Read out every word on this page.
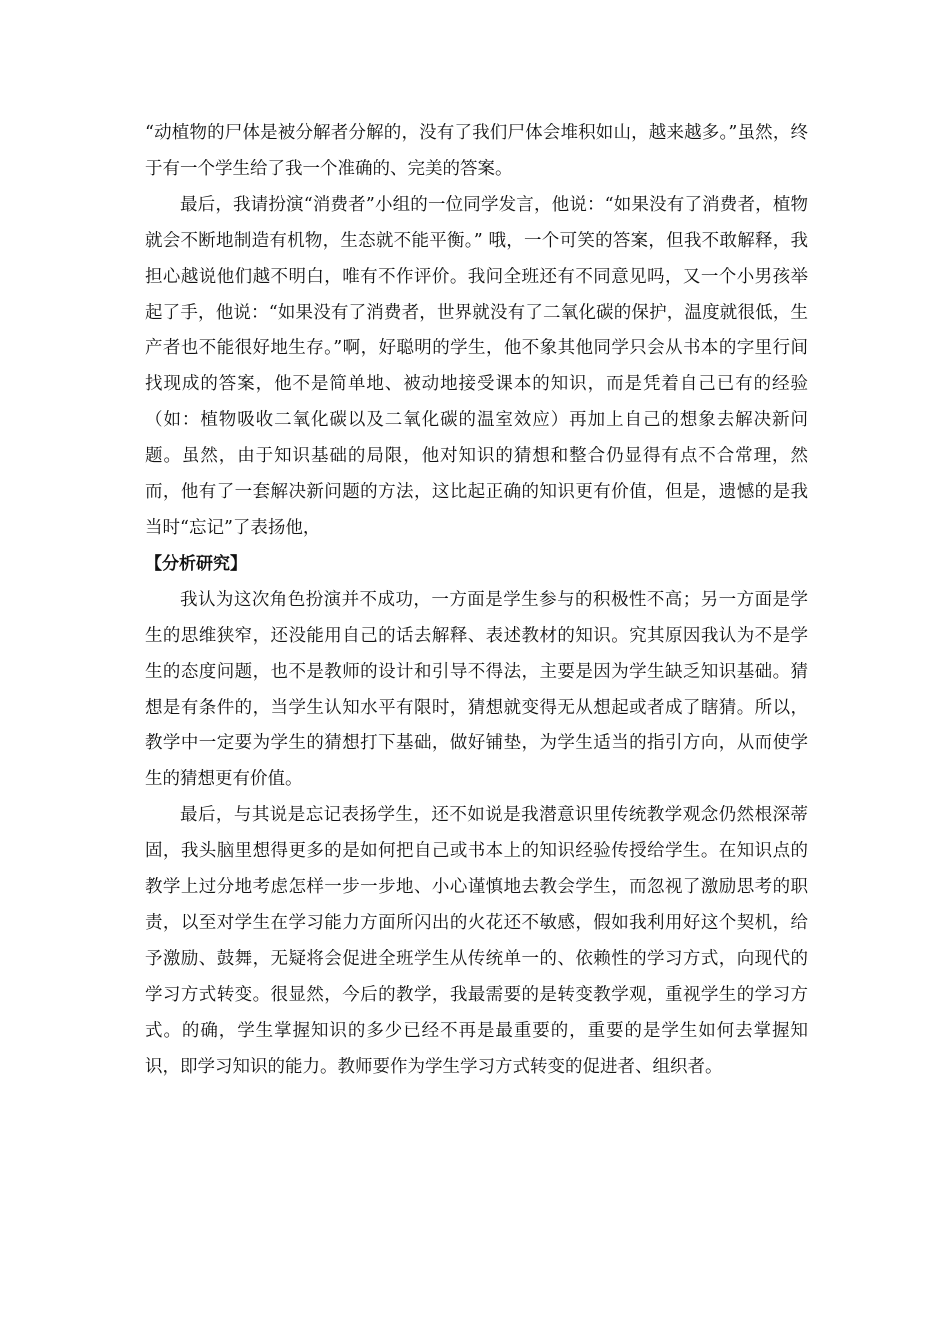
“动植物的尸体是被分解者分解的，没有了我们尸体会堆积如山，越来越多。”虽然，终于有一个学生给了我一个准确的、完美的答案。

最后，我请扮演“消费者”小组的一位同学发言，他说：“如果没有了消费者，植物就会不断地制造有机物，生态就不能平衡。” 哦，一个可笑的答案，但我不敢解释，我担心越说他们越不明白，唯有不作评价。我问全班还有不同意见吗，又一个小男孩举起了手，他说：“如果没有了消费者，世界就没有了二氧化碳的保护，温度就很低，生产者也不能很好地生存。”啊，好聪明的学生，他不象其他同学只会从书本的字里行间找现成的答案，他不是简单地、被动地接受课本的知识，而是凭着自己已有的经验（如：植物吸收二氧化碳以及二氧化碳的温室效应）再加上自己的想象去解决新问题。虽然，由于知识基础的局限，他对知识的猜想和整合仍显得有点不合常理，然而，他有了一套解决新问题的方法，这比起正确的知识更有价值，但是，遗憾的是我当时“忘记”了表扬他，

【分析研究】

我认为这次角色扮演并不成功，一方面是学生参与的积极性不高；另一方面是学生的思维狭窄，还没能用自己的话去解释、表述教材的知识。究其原因我认为不是学生的态度问题，也不是教师的设计和引导不得法，主要是因为学生缺乏知识基础。猜想是有条件的，当学生认知水平有限时，猜想就变得无从想起或者成了瞎猜。所以，教学中一定要为学生的猜想打下基础，做好铺垫，为学生适当的指引方向，从而使学生的猜想更有价值。

最后，与其说是忘记表扬学生，还不如说是我潜意识里传统教学观念仍然根深蒂固，我头脑里想得更多的是如何把自己或书本上的知识经验传授给学生。在知识点的教学上过分地考虑怎样一步一步地、小心谨慎地去教会学生，而忽视了激励思考的职责，以至对学生在学习能力方面所闪出的火花还不敏感，假如我利用好这个契机，给予激励、鼓舞，无疑将会促进全班学生从传统单一的、依赖性的学习方式，向现代的学习方式转变。很显然，今后的教学，我最需要的是转变教学观，重视学生的学习方式。的确，学生掌握知识的多少已经不再是最重要的，重要的是学生如何去掌握知识，即学习知识的能力。教师要作为学生学习方式转变的促进者、组织者。
